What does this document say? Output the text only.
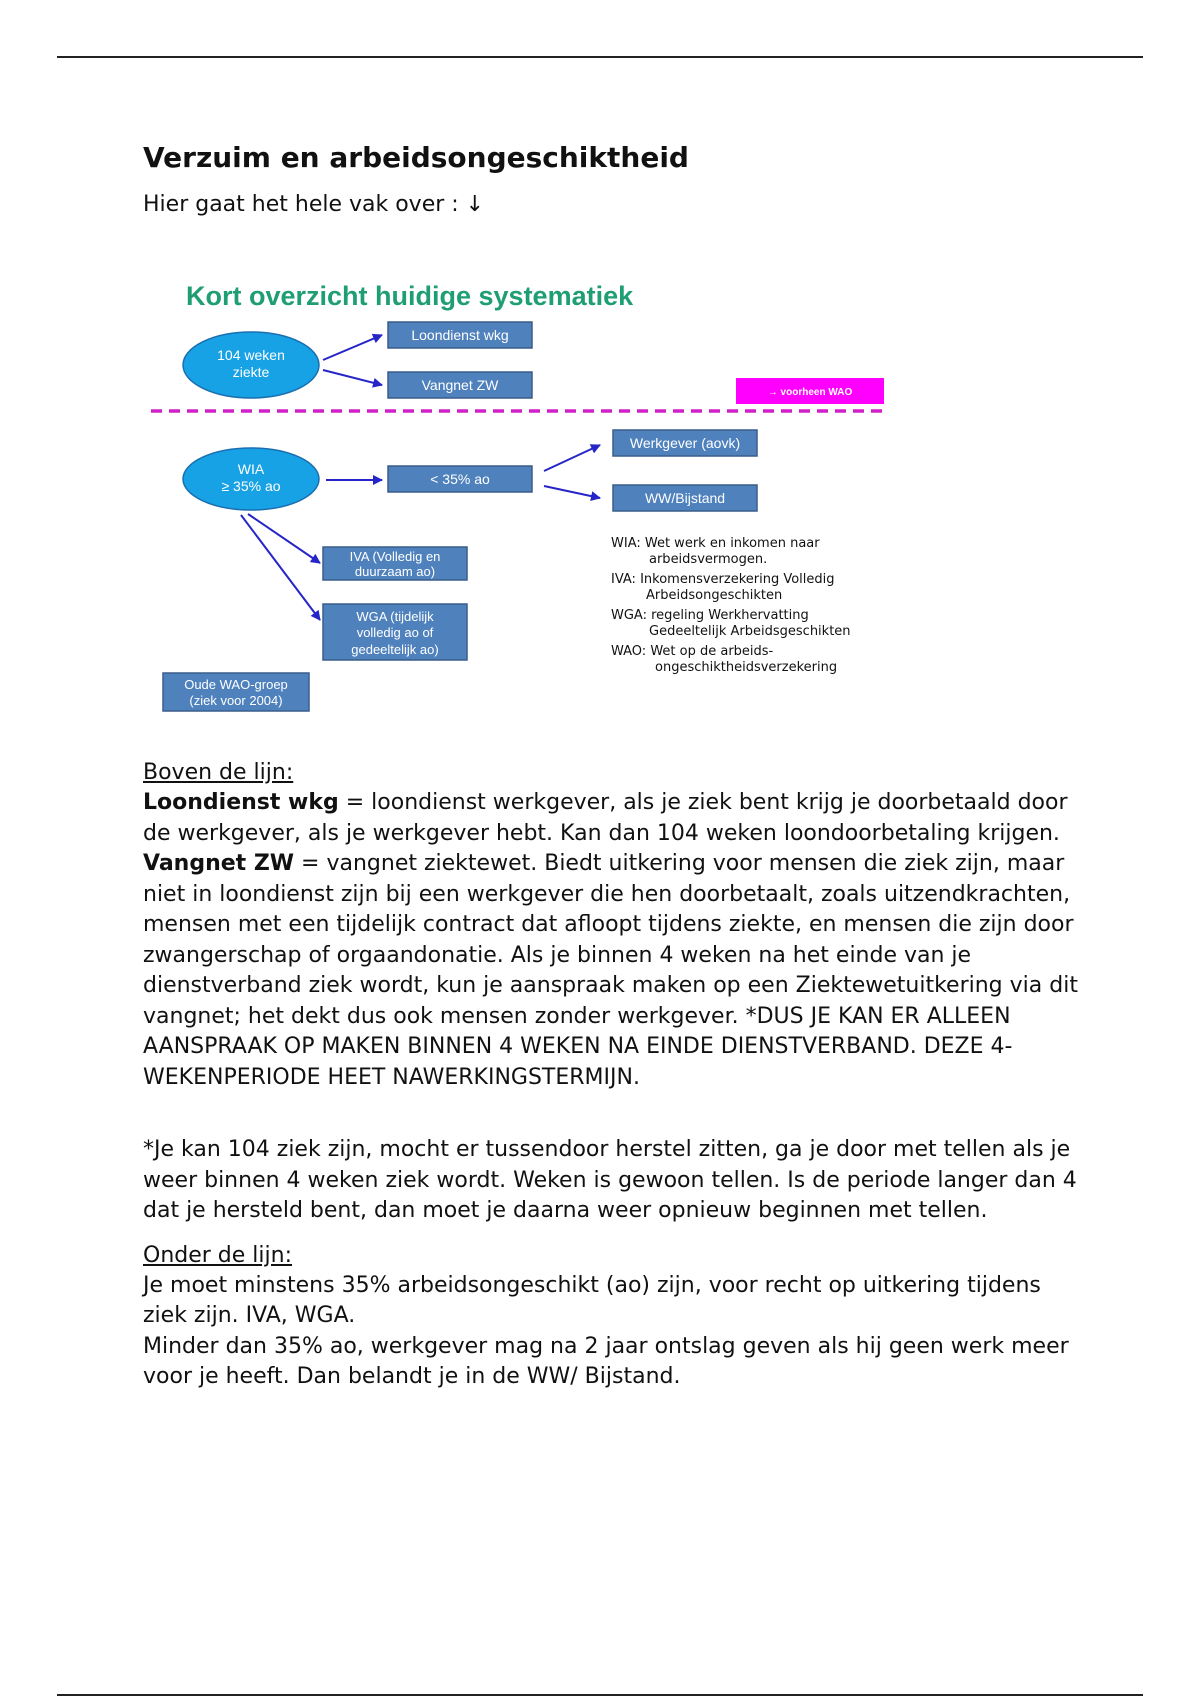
Verzuim en arbeidsongeschiktheid

Hier gaat het hele vak over : ↓

Kort overzicht huidige systematiek
104 weken
ziekte
Loondienst wkg
Vangnet ZW	→ voorheen WAO
WIA
≥ 35% ao	< 35% ao
Werkgever (aovk)
WW/Bijstand
IVA (Volledig en
duurzaam ao)
WGA (tijdelijk
volledig ao of
gedeeltelijk ao)
Oude WAO-groep
(ziek voor 2004)
WIA: Wet werk en inkomen naar
arbeidsvermogen.
IVA: Inkomensverzekering Volledig
Arbeidsongeschikten
WGA: regeling Werkhervatting
Gedeeltelijk Arbeidsgeschikten
WAO: Wet op de arbeids-
ongeschiktheidsverzekering

Boven de lijn:

Loondienst wkg = loondienst werkgever, als je ziek bent krijg je doorbetaald door de werkgever, als je werkgever hebt. Kan dan 104 weken loondoorbetaling krijgen.

Vangnet ZW = vangnet ziektewet. Biedt uitkering voor mensen die ziek zijn, maar niet in loondienst zijn bij een werkgever die hen doorbetaalt, zoals uitzendkrachten, mensen met een tijdelijk contract dat afloopt tijdens ziekte, en mensen die zijn door zwangerschap of orgaandonatie. Als je binnen 4 weken na het einde van je dienstverband ziek wordt, kun je aanspraak maken op een Ziektewetuitkering via dit vangnet; het dekt dus ook mensen zonder werkgever. *DUS JE KAN ER ALLEEN AANSPRAAK OP MAKEN BINNEN 4 WEKEN NA EINDE DIENSTVERBAND. DEZE 4-WEKENPERIODE HEET NAWERKINGSTERMIJN.

*Je kan 104 ziek zijn, mocht er tussendoor herstel zitten, ga je door met tellen als je weer binnen 4 weken ziek wordt. Weken is gewoon tellen. Is de periode langer dan 4 dat je hersteld bent, dan moet je daarna weer opnieuw beginnen met tellen.

Onder de lijn:

Je moet minstens 35% arbeidsongeschikt (ao) zijn, voor recht op uitkering tijdens ziek zijn. IVA, WGA.

Minder dan 35% ao, werkgever mag na 2 jaar ontslag geven als hij geen werk meer voor je heeft. Dan belandt je in de WW/ Bijstand.
